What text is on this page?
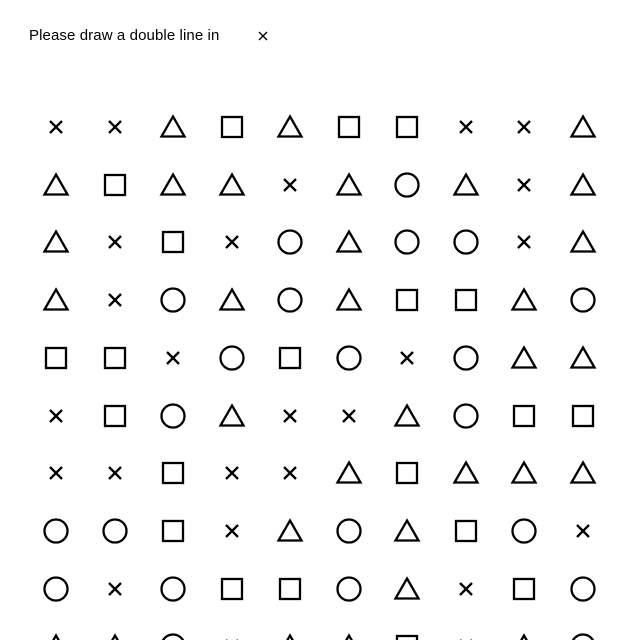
Please draw a double line in
